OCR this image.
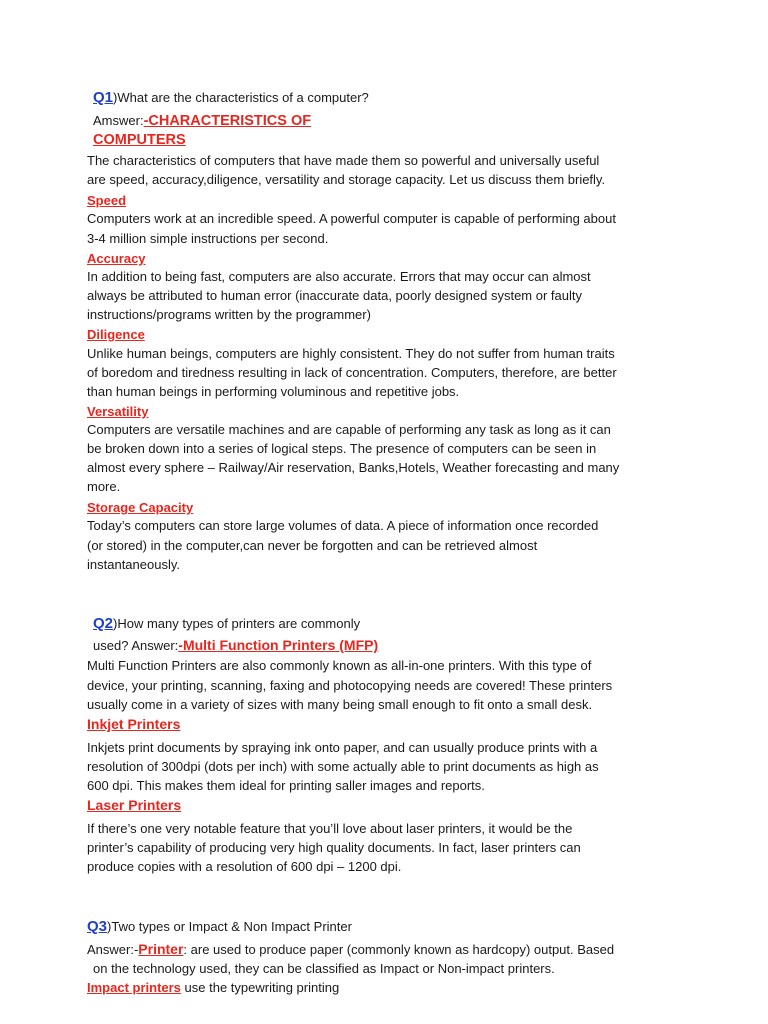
Q1)What are the characteristics of a computer?
Amswer:-CHARACTERISTICS OF
COMPUTERS
The characteristics of computers that have made them so powerful and universally useful
are speed, accuracy,diligence, versatility and storage capacity. Let us discuss them briefly.
Speed
Computers work at an incredible speed. A powerful computer is capable of performing about
3-4 million simple instructions per second.
Accuracy
In addition to being fast, computers are also accurate. Errors that may occur can almost
always be attributed to human error (inaccurate data, poorly designed system or faulty
instructions/programs written by the programmer)
Diligence
Unlike human beings, computers are highly consistent. They do not suffer from human traits
of boredom and tiredness resulting in lack of concentration. Computers, therefore, are better
than human beings in performing voluminous and repetitive jobs.
Versatility
Computers are versatile machines and are capable of performing any task as long as it can
be broken down into a series of logical steps. The presence of computers can be seen in
almost every sphere – Railway/Air reservation, Banks,Hotels, Weather forecasting and many
more.
Storage Capacity
Today’s computers can store large volumes of data. A piece of information once recorded
(or stored) in the computer,can never be forgotten and can be retrieved almost
instantaneously.
Q2)How many types of printers are commonly
used? Answer:-Multi Function Printers (MFP)
Multi Function Printers are also commonly known as all-in-one printers. With this type of
device, your printing, scanning, faxing and photocopying needs are covered! These printers
usually come in a variety of sizes with many being small enough to fit onto a small desk.
Inkjet Printers
Inkjets print documents by spraying ink onto paper, and can usually produce prints with a
resolution of 300dpi (dots per inch) with some actually able to print documents as high as
600 dpi. This makes them ideal for printing saller images and reports.
Laser Printers
If there’s one very notable feature that you’ll love about laser printers, it would be the
printer’s capability of producing very high quality documents. In fact, laser printers can
produce copies with a resolution of 600 dpi – 1200 dpi.
Q3)Two types or Impact & Non Impact Printer
Answer:-Printer: are used to produce paper (commonly known as hardcopy) output. Based
on the technology used, they can be classified as Impact or Non-impact printers.
Impact printers use the typewriting printing
